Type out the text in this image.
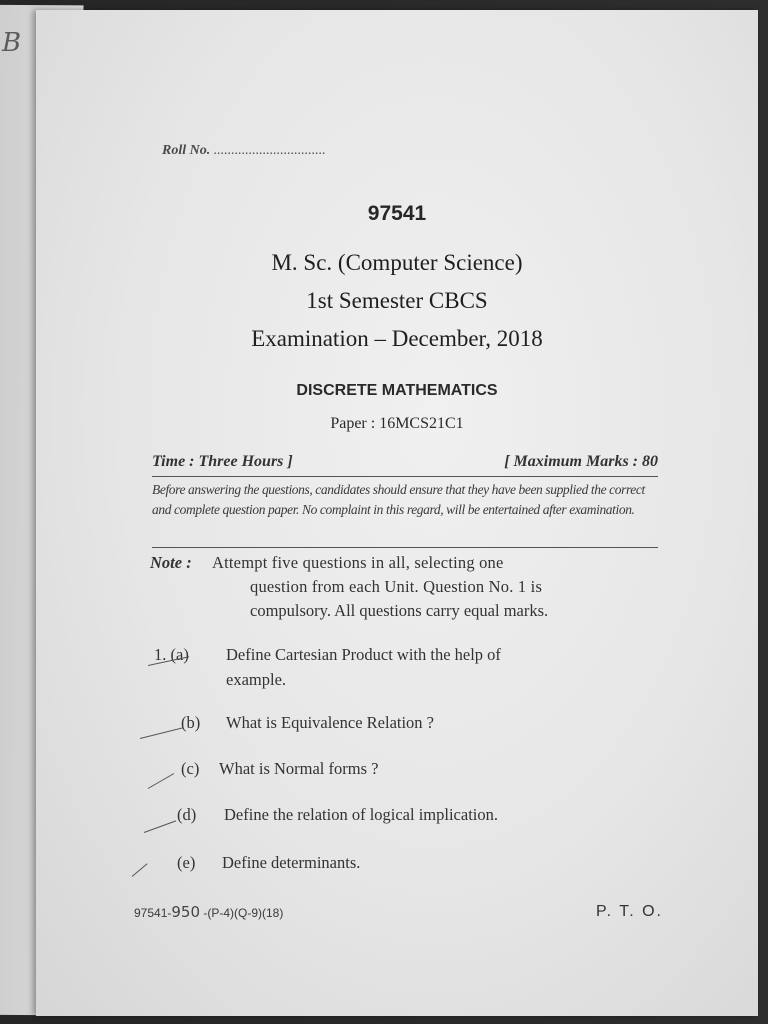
B
Roll No. ................................
97541
M. Sc. (Computer Science)
1st Semester CBCS
Examination – December, 2018
DISCRETE MATHEMATICS
Paper : 16MCS21C1
Time : Three Hours ]	[ Maximum Marks : 80
Before answering the questions, candidates should ensure that they have been supplied the correct and complete question paper. No complaint in this regard, will be entertained after examination.
Note : Attempt five questions in all, selecting one
question from each Unit. Question No. 1 is
compulsory. All questions carry equal marks.
1. (a) Define Cartesian Product with the help of
example.
(b) What is Equivalence Relation ?
(c) What is Normal forms ?
(d) Define the relation of logical implication.
(e) Define determinants.
97541-950 -(P-4)(Q-9)(18)	P. T. O.
